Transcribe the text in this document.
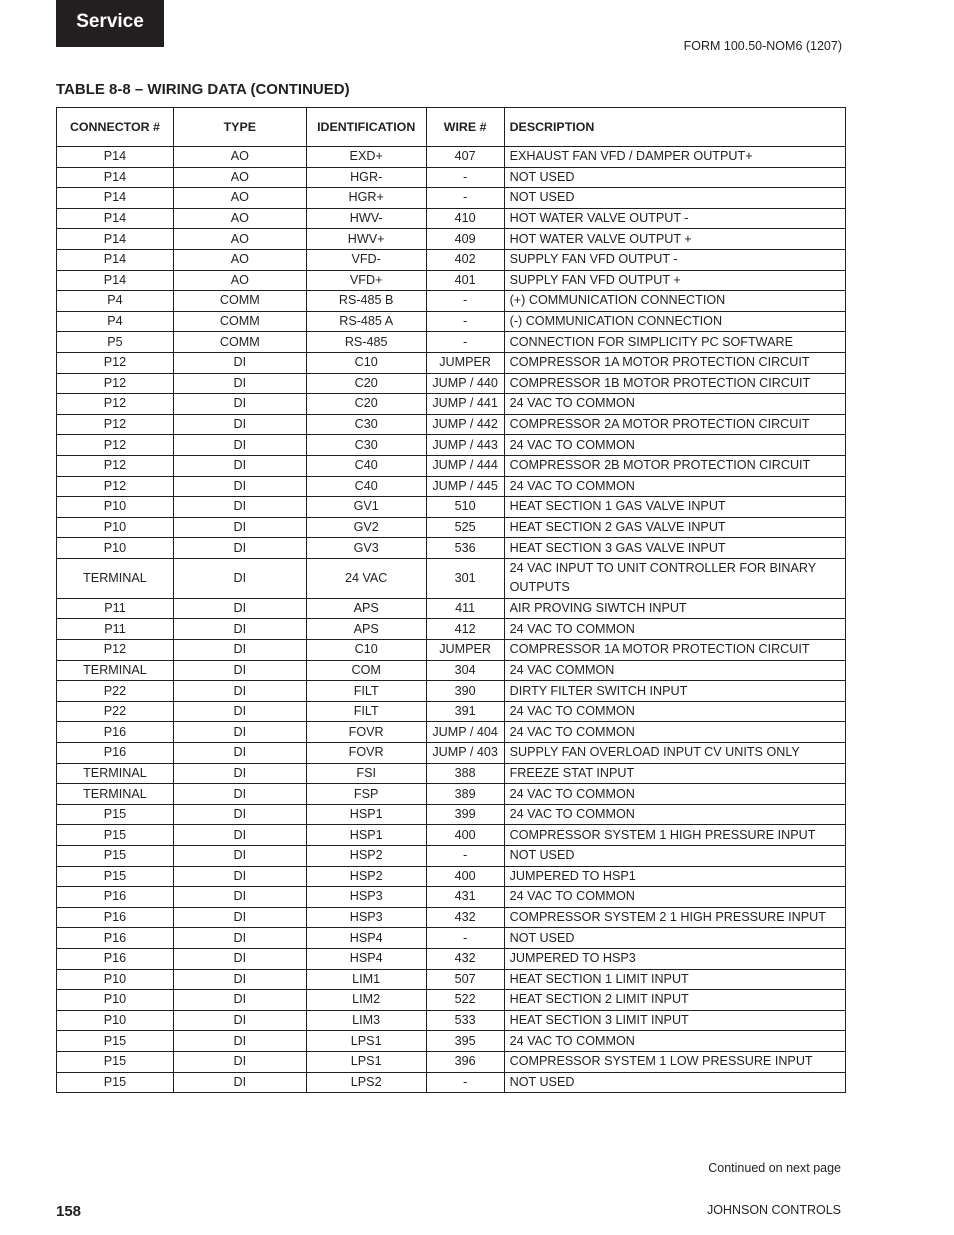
Service
FORM 100.50-NOM6 (1207)
TABLE 8-8 – WIRING DATA (CONTINUED)
CONNECTOR #	TYPE	IDENTIFICATION	WIRE #	DESCRIPTION
P14	AO	EXD+	407	EXHAUST FAN VFD / DAMPER OUTPUT+
P14	AO	HGR-	-	NOT USED
P14	AO	HGR+	-	NOT USED
P14	AO	HWV-	410	HOT WATER VALVE OUTPUT -
P14	AO	HWV+	409	HOT WATER VALVE OUTPUT +
P14	AO	VFD-	402	SUPPLY FAN VFD OUTPUT -
P14	AO	VFD+	401	SUPPLY FAN VFD OUTPUT +
P4	COMM	RS-485 B	-	(+) COMMUNICATION CONNECTION
P4	COMM	RS-485 A	-	(-) COMMUNICATION CONNECTION
P5	COMM	RS-485	-	CONNECTION FOR SIMPLICITY PC SOFTWARE
P12	DI	C10	JUMPER	COMPRESSOR 1A MOTOR PROTECTION CIRCUIT
P12	DI	C20	JUMP / 440	COMPRESSOR 1B MOTOR PROTECTION CIRCUIT
P12	DI	C20	JUMP / 441	24 VAC TO COMMON
P12	DI	C30	JUMP / 442	COMPRESSOR 2A MOTOR PROTECTION CIRCUIT
P12	DI	C30	JUMP / 443	24 VAC TO COMMON
P12	DI	C40	JUMP / 444	COMPRESSOR 2B MOTOR PROTECTION CIRCUIT
P12	DI	C40	JUMP / 445	24 VAC TO COMMON
P10	DI	GV1	510	HEAT SECTION 1 GAS VALVE INPUT
P10	DI	GV2	525	HEAT SECTION 2 GAS VALVE INPUT
P10	DI	GV3	536	HEAT SECTION 3 GAS VALVE INPUT
TERMINAL	DI	24 VAC	301	24 VAC INPUT TO UNIT CONTROLLER FOR BINARY OUTPUTS
P11	DI	APS	411	AIR PROVING SIWTCH INPUT
P11	DI	APS	412	24 VAC TO COMMON
P12	DI	C10	JUMPER	COMPRESSOR 1A MOTOR PROTECTION CIRCUIT
TERMINAL	DI	COM	304	24 VAC COMMON
P22	DI	FILT	390	DIRTY FILTER SWITCH INPUT
P22	DI	FILT	391	24 VAC TO COMMON
P16	DI	FOVR	JUMP / 404	24 VAC TO COMMON
P16	DI	FOVR	JUMP / 403	SUPPLY FAN OVERLOAD INPUT CV UNITS ONLY
TERMINAL	DI	FSI	388	FREEZE STAT INPUT
TERMINAL	DI	FSP	389	24 VAC TO COMMON
P15	DI	HSP1	399	24 VAC TO COMMON
P15	DI	HSP1	400	COMPRESSOR SYSTEM 1 HIGH PRESSURE INPUT
P15	DI	HSP2	-	NOT USED
P15	DI	HSP2	400	JUMPERED TO HSP1
P16	DI	HSP3	431	24 VAC TO COMMON
P16	DI	HSP3	432	COMPRESSOR SYSTEM 2 1 HIGH PRESSURE INPUT
P16	DI	HSP4	-	NOT USED
P16	DI	HSP4	432	JUMPERED TO HSP3
P10	DI	LIM1	507	HEAT SECTION 1 LIMIT INPUT
P10	DI	LIM2	522	HEAT SECTION 2 LIMIT INPUT
P10	DI	LIM3	533	HEAT SECTION 3 LIMIT INPUT
P15	DI	LPS1	395	24 VAC TO COMMON
P15	DI	LPS1	396	COMPRESSOR SYSTEM 1 LOW PRESSURE INPUT
P15	DI	LPS2	-	NOT USED
Continued on next page
158	JOHNSON CONTROLS
